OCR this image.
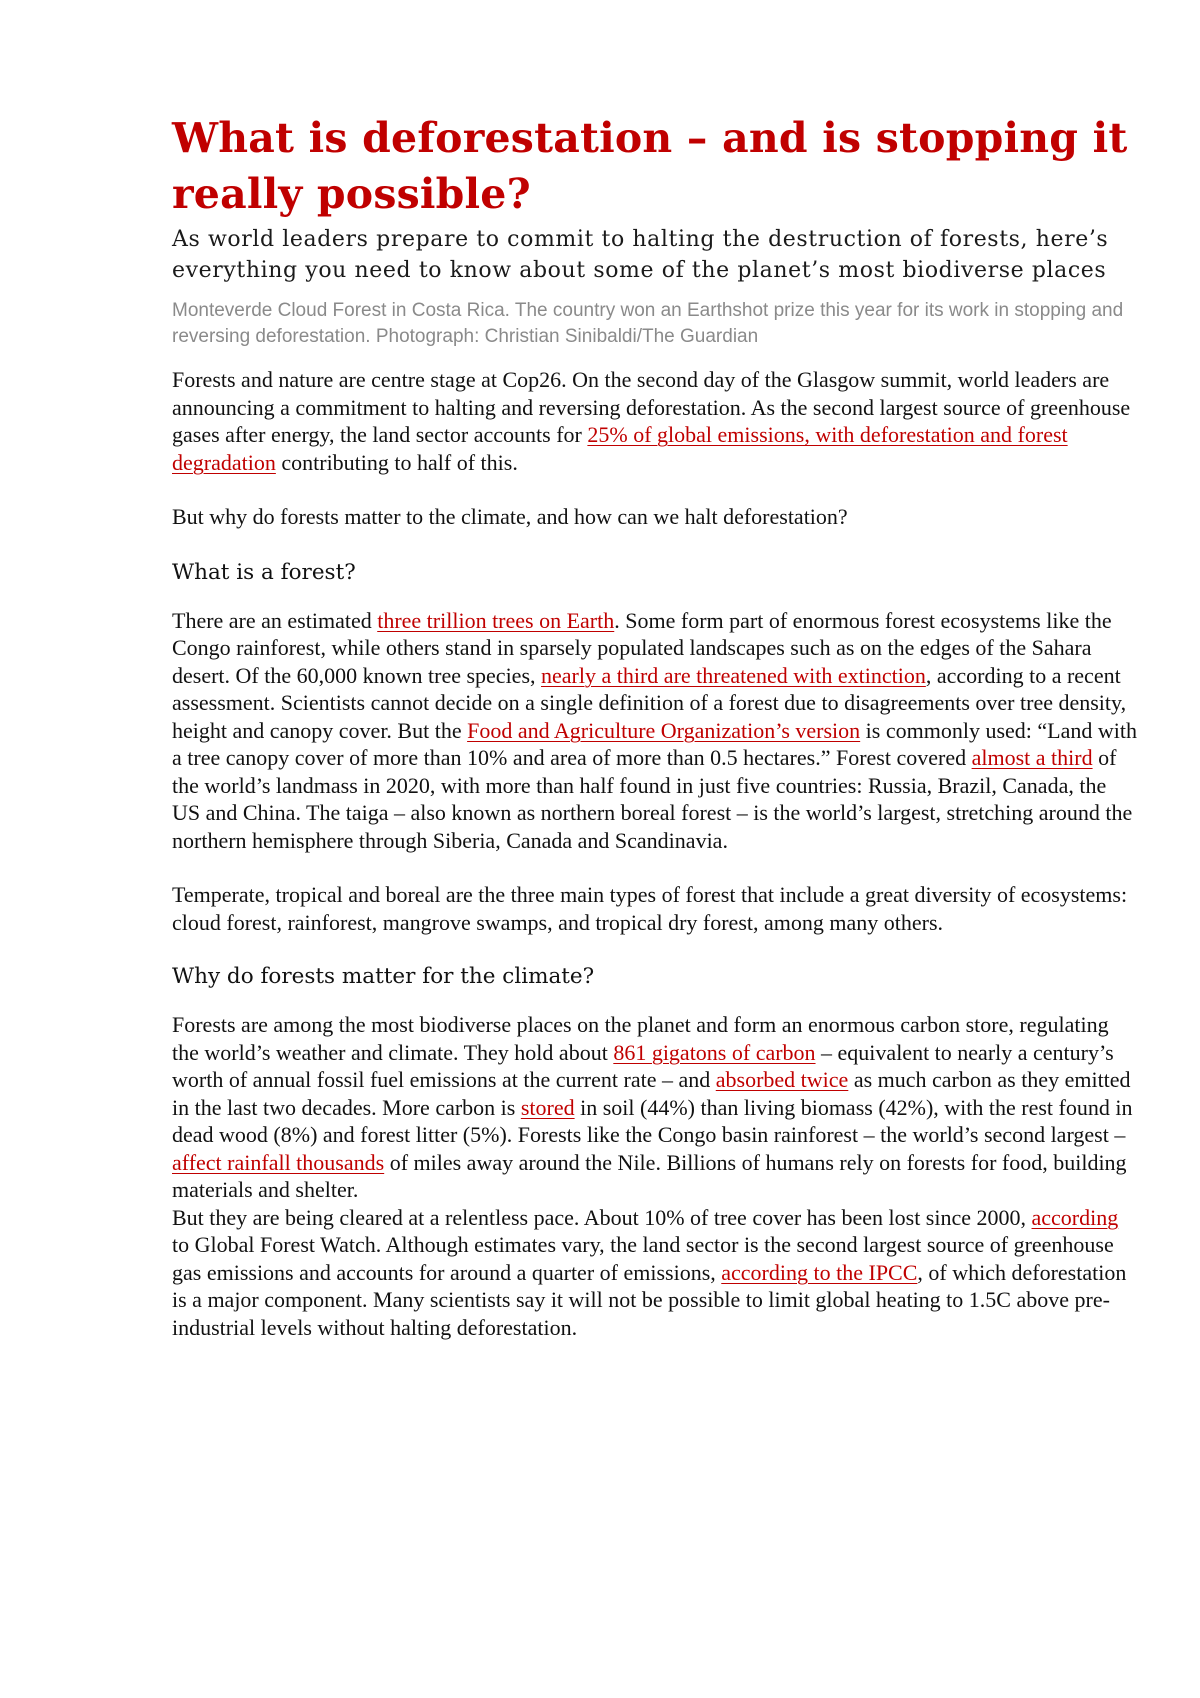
What is deforestation – and is stopping it really possible?

As world leaders prepare to commit to halting the destruction of forests, here’s everything you need to know about some of the planet’s most biodiverse places

Monteverde Cloud Forest in Costa Rica. The country won an Earthshot prize this year for its work in stopping and reversing deforestation. Photograph: Christian Sinibaldi/The Guardian

Forests and nature are centre stage at Cop26. On the second day of the Glasgow summit, world leaders are announcing a commitment to halting and reversing deforestation. As the second largest source of greenhouse gases after energy, the land sector accounts for 25% of global emissions, with deforestation and forest degradation contributing to half of this.

But why do forests matter to the climate, and how can we halt deforestation?

What is a forest?

There are an estimated three trillion trees on Earth. Some form part of enormous forest ecosystems like the Congo rainforest, while others stand in sparsely populated landscapes such as on the edges of the Sahara desert. Of the 60,000 known tree species, nearly a third are threatened with extinction, according to a recent assessment. Scientists cannot decide on a single definition of a forest due to disagreements over tree density, height and canopy cover. But the Food and Agriculture Organization’s version is commonly used: “Land with a tree canopy cover of more than 10% and area of more than 0.5 hectares.” Forest covered almost a third of the world’s landmass in 2020, with more than half found in just five countries: Russia, Brazil, Canada, the US and China. The taiga – also known as northern boreal forest – is the world’s largest, stretching around the northern hemisphere through Siberia, Canada and Scandinavia.

Temperate, tropical and boreal are the three main types of forest that include a great diversity of ecosystems: cloud forest, rainforest, mangrove swamps, and tropical dry forest, among many others.

Why do forests matter for the climate?

Forests are among the most biodiverse places on the planet and form an enormous carbon store, regulating the world’s weather and climate. They hold about 861 gigatons of carbon – equivalent to nearly a century’s worth of annual fossil fuel emissions at the current rate – and absorbed twice as much carbon as they emitted in the last two decades. More carbon is stored in soil (44%) than living biomass (42%), with the rest found in dead wood (8%) and forest litter (5%). Forests like the Congo basin rainforest – the world’s second largest – affect rainfall thousands of miles away around the Nile. Billions of humans rely on forests for food, building materials and shelter.
But they are being cleared at a relentless pace. About 10% of tree cover has been lost since 2000, according to Global Forest Watch. Although estimates vary, the land sector is the second largest source of greenhouse gas emissions and accounts for around a quarter of emissions, according to the IPCC, of which deforestation is a major component. Many scientists say it will not be possible to limit global heating to 1.5C above pre-industrial levels without halting deforestation.
